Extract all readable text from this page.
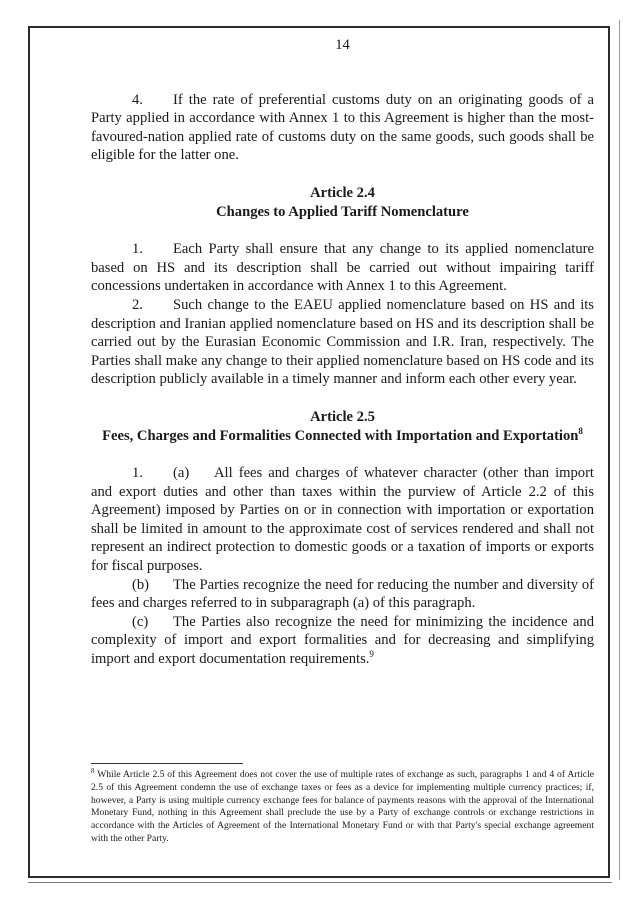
14

4. If the rate of preferential customs duty on an originating goods of a Party applied in accordance with Annex 1 to this Agreement is higher than the most-favoured-nation applied rate of customs duty on the same goods, such goods shall be eligible for the latter one.

Article 2.4
Changes to Applied Tariff Nomenclature

1. Each Party shall ensure that any change to its applied nomenclature based on HS and its description shall be carried out without impairing tariff concessions undertaken in accordance with Annex 1 to this Agreement.

2. Such change to the EAEU applied nomenclature based on HS and its description and Iranian applied nomenclature based on HS and its description shall be carried out by the Eurasian Economic Commission and I.R. Iran, respectively. The Parties shall make any change to their applied nomenclature based on HS code and its description publicly available in a timely manner and inform each other every year.

Article 2.5
Fees, Charges and Formalities Connected with Importation and Exportation$^8$

1. (a) All fees and charges of whatever character (other than import and export duties and other than taxes within the purview of Article 2.2 of this Agreement) imposed by Parties on or in connection with importation or exportation shall be limited in amount to the approximate cost of services rendered and shall not represent an indirect protection to domestic goods or a taxation of imports or exports for fiscal purposes.

(b) The Parties recognize the need for reducing the number and diversity of fees and charges referred to in subparagraph (a) of this paragraph.

(c) The Parties also recognize the need for minimizing the incidence and complexity of import and export formalities and for decreasing and simplifying import and export documentation requirements.$^9$

$^8$ While Article 2.5 of this Agreement does not cover the use of multiple rates of exchange as such, paragraphs 1 and 4 of Article 2.5 of this Agreement condemn the use of exchange taxes or fees as a device for implementing multiple currency practices; if, however, a Party is using multiple currency exchange fees for balance of payments reasons with the approval of the International Monetary Fund, nothing in this Agreement shall preclude the use by a Party of exchange controls or exchange restrictions in accordance with the Articles of Agreement of the International Monetary Fund or with that Party's special exchange agreement with the other Party.
